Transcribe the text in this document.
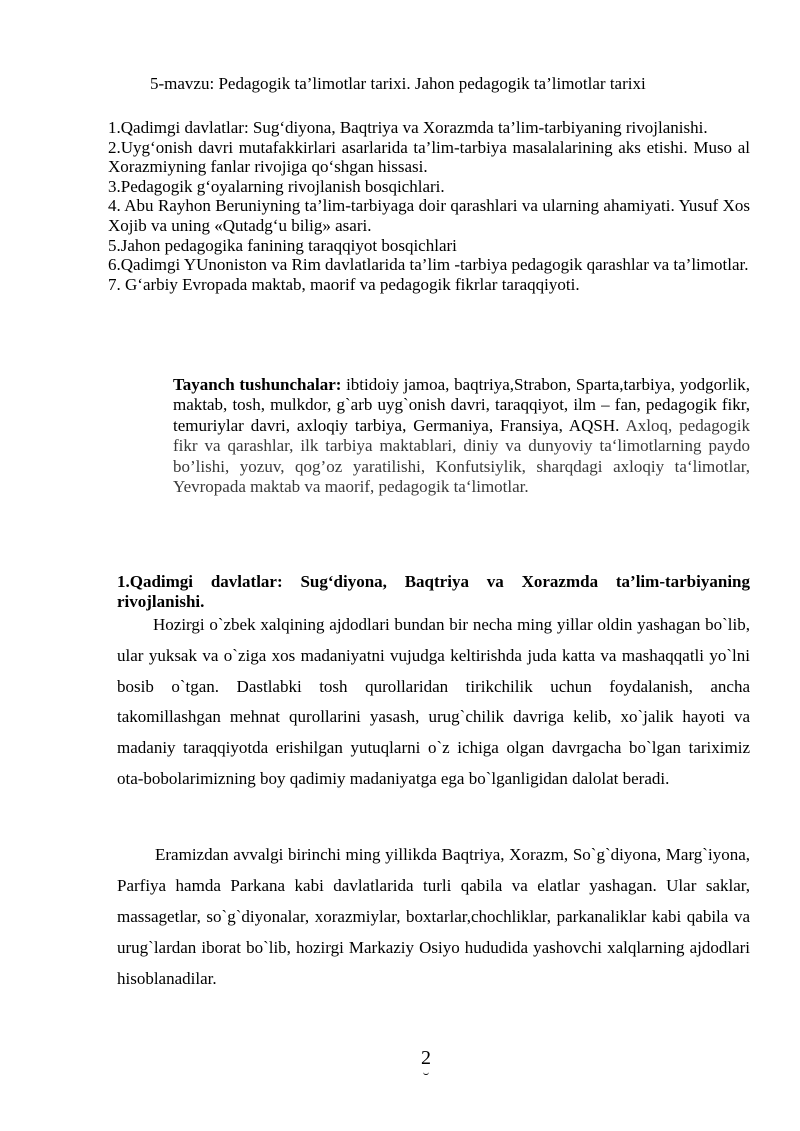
5-mavzu: Pedagogik ta’limotlar tarixi. Jahon pedagogik ta’limotlar tarixi

1.Qadimgi davlatlar: Sug‘diyona, Baqtriya va Xorazmda ta’lim-tarbiyaning rivojlanishi.

2.Uyg‘onish davri mutafakkirlari asarlarida ta’lim-tarbiya masalalarining aks etishi. Muso al Xorazmiyning fanlar rivojiga qo‘shgan hissasi.

3.Pedagogik g‘oyalarning rivojlanish bosqichlari.

4. Abu Rayhon Beruniyning ta’lim-tarbiyaga doir qarashlari va ularning ahamiyati. Yusuf Xos Xojib va uning «Qutadg‘u bilig» asari.

5.Jahon pedagogika fanining taraqqiyot bosqichlari

6.Qadimgi YUnoniston va Rim davlatlarida ta’lim -tarbiya pedagogik qarashlar va ta’limotlar.

7. G‘arbiy Evropada maktab, maorif va pedagogik fikrlar taraqqiyoti.

Tayanch tushunchalar: ibtidoiy jamoa, baqtriya,Strabon, Sparta,tarbiya, yodgorlik, maktab, tosh, mulkdor, g`arb uyg`onish davri, taraqqiyot, ilm – fan, pedagogik fikr, temuriylar davri, axloqiy tarbiya, Germaniya, Fransiya, AQSH. Axloq, pedagogik fikr va qarashlar, ilk tarbiya maktablari, diniy va dunyoviy ta‘limotlarning paydo bo’lishi, yozuv, qog’oz yaratilishi, Konfutsiylik, sharqdagi axloqiy ta‘limotlar, Yevropada maktab va maorif, pedagogik ta‘limotlar.
1.Qadimgi davlatlar: Sug‘diyona, Baqtriya va Xorazmda ta’lim-tarbiyaning rivojlanishi.
Hozirgi o`zbek xalqining ajdodlari bundan bir necha ming yillar oldin yashagan bo`lib, ular yuksak va o`ziga xos madaniyatni vujudga keltirishda juda katta va mashaqqatli yo`lni bosib o`tgan. Dastlabki tosh qurollaridan tirikchilik uchun foydalanish, ancha takomillashgan mehnat qurollarini yasash, urug`chilik davriga kelib, xo`jalik hayoti va madaniy taraqqiyotda erishilgan yutuqlarni o`z ichiga olgan davrgacha bo`lgan tariximiz ota-bobolarimizning boy qadimiy madaniyatga ega bo`lganligidan dalolat beradi.
Eramizdan avvalgi birinchi ming yillikda Baqtriya, Xorazm, So`g`diyona, Marg`iyona, Parfiya hamda Parkana kabi davlatlarida turli qabila va elatlar yashagan. Ular saklar, massagetlar, so`g`diyonalar, xorazmiylar, boxtarlar,chochliklar, parkanaliklar kabi qabila va urug`lardan iborat bo`lib, hozirgi Markaziy Osiyo hududida yashovchi xalqlarning ajdodlari hisoblanadilar.
2
